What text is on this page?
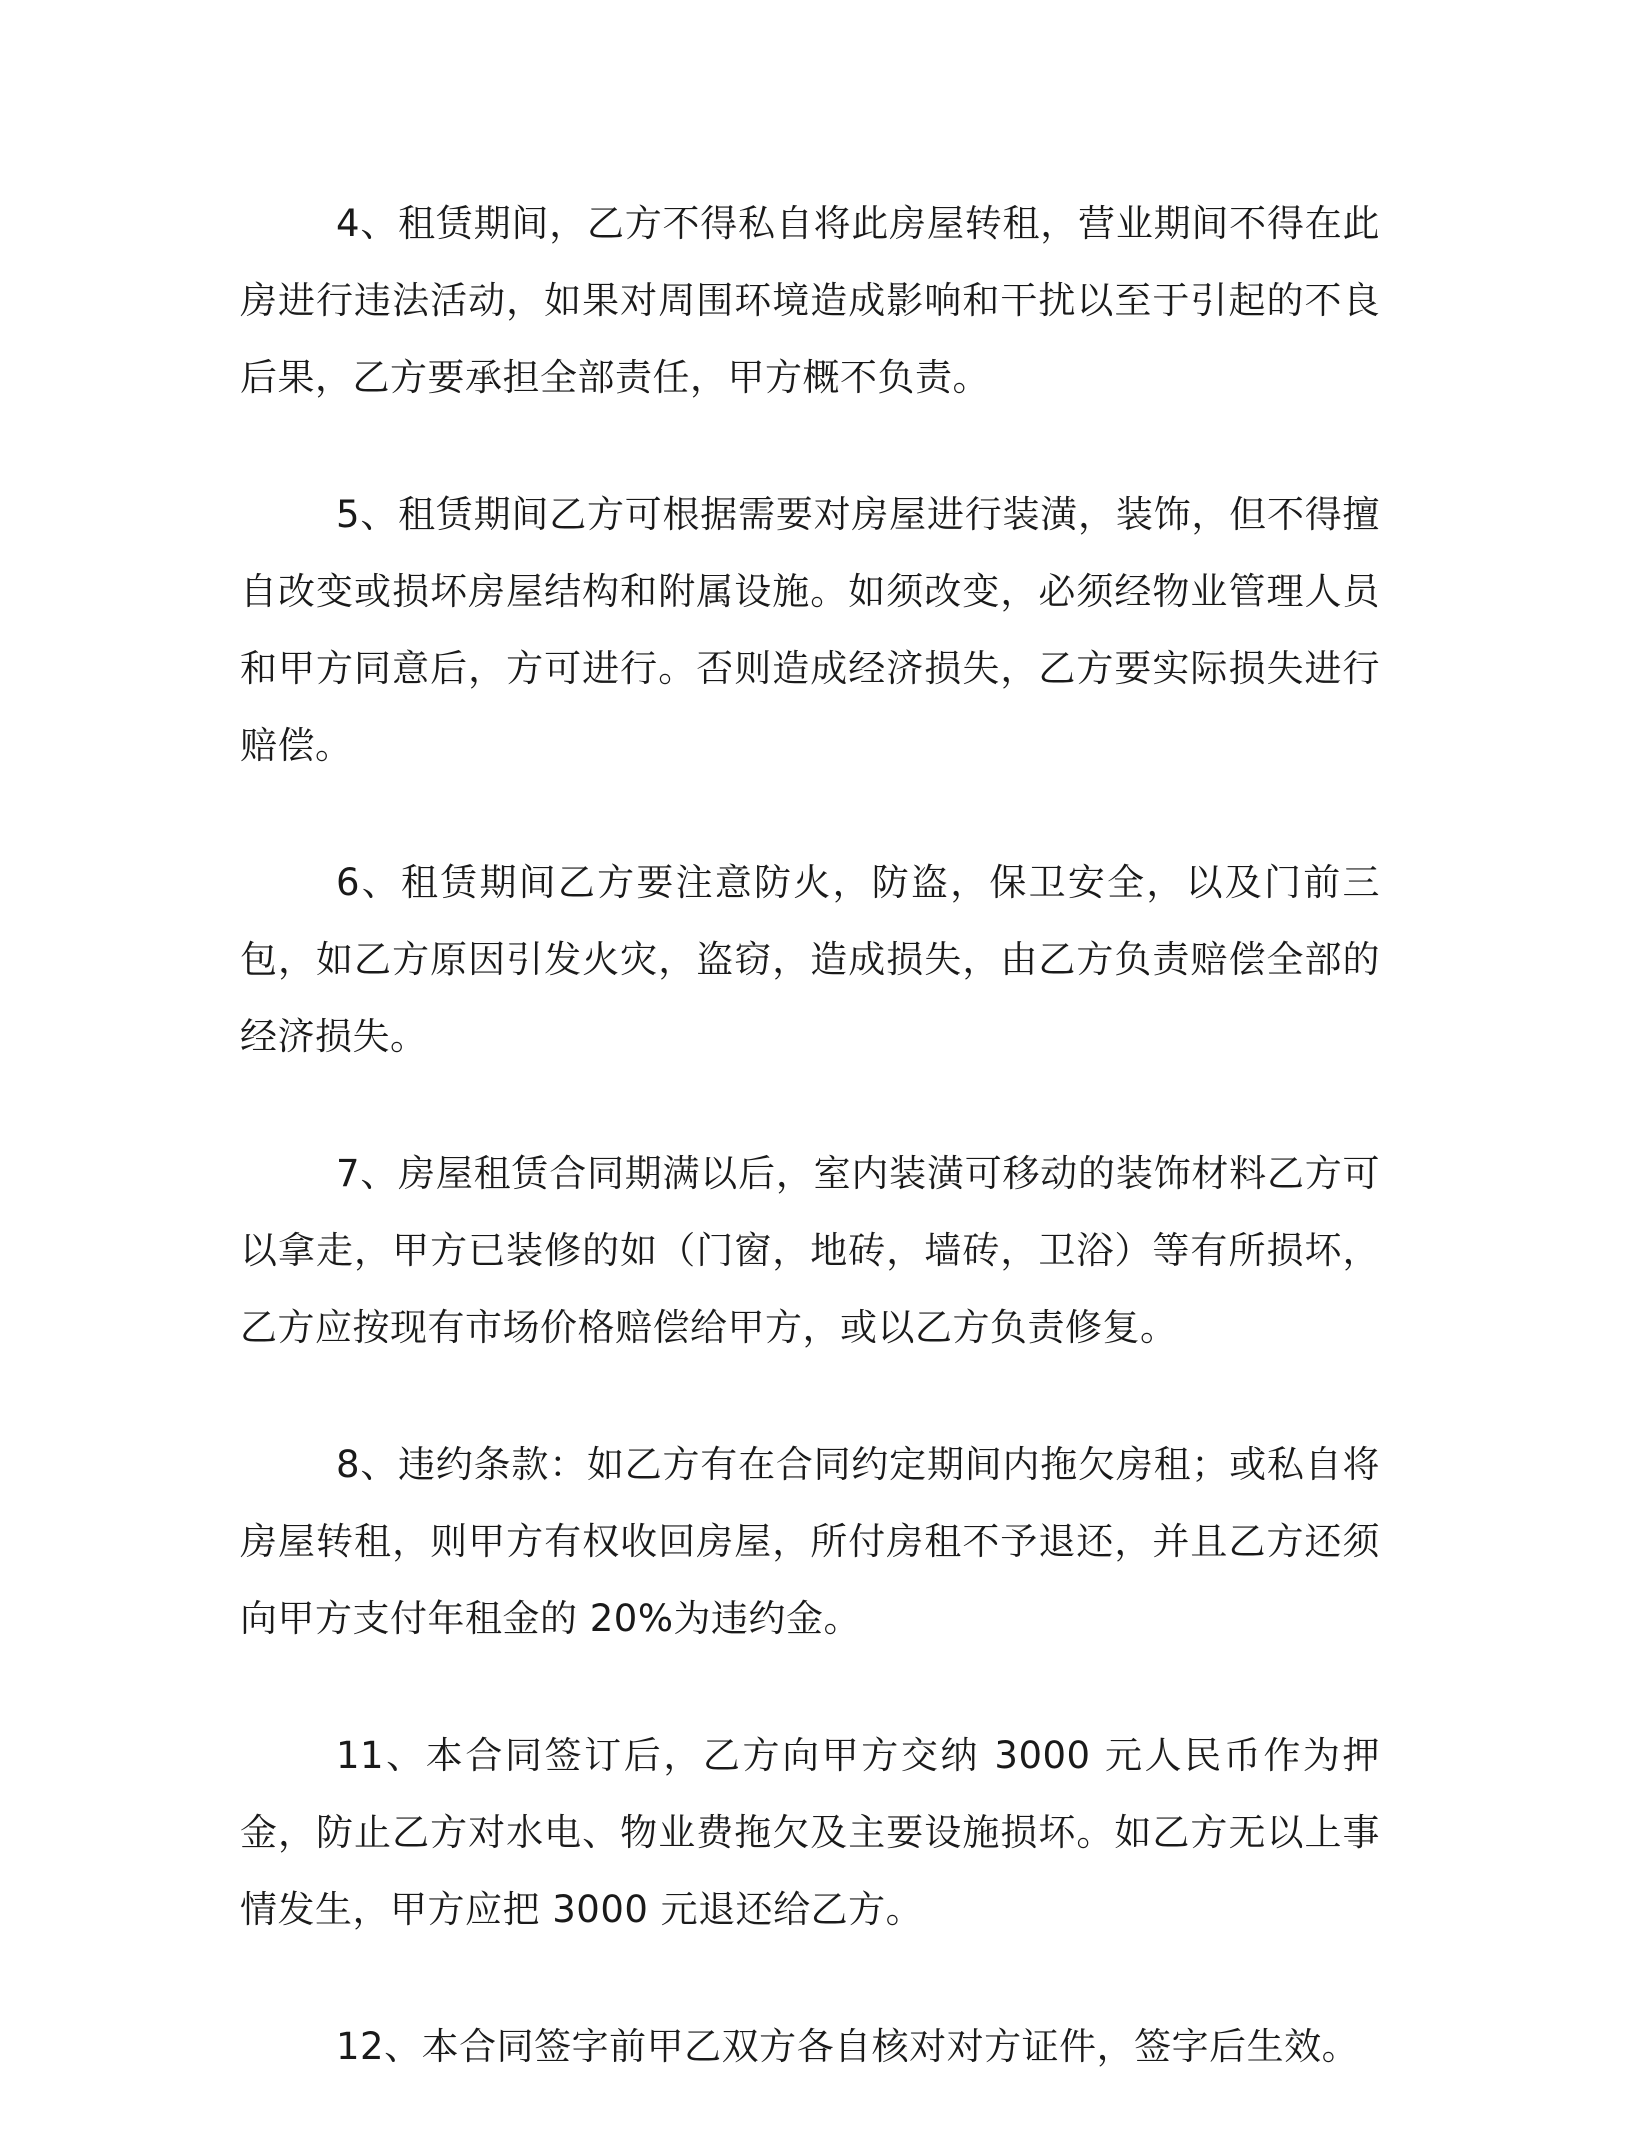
4、租赁期间，乙方不得私自将此房屋转租，营业期间不得在此房进行违法活动，如果对周围环境造成影响和干扰以至于引起的不良后果，乙方要承担全部责任，甲方概不负责。

5、租赁期间乙方可根据需要对房屋进行装潢，装饰，但不得擅自改变或损坏房屋结构和附属设施。如须改变，必须经物业管理人员和甲方同意后，方可进行。否则造成经济损失，乙方要实际损失进行赔偿。

6、租赁期间乙方要注意防火，防盗，保卫安全，以及门前三包，如乙方原因引发火灾，盗窃，造成损失，由乙方负责赔偿全部的经济损失。

7、房屋租赁合同期满以后，室内装潢可移动的装饰材料乙方可以拿走，甲方已装修的如（门窗，地砖，墙砖，卫浴）等有所损坏，乙方应按现有市场价格赔偿给甲方，或以乙方负责修复。

8、违约条款：如乙方有在合同约定期间内拖欠房租；或私自将房屋转租，则甲方有权收回房屋，所付房租不予退还，并且乙方还须向甲方支付年租金的 20%为违约金。

11、本合同签订后，乙方向甲方交纳 3000 元人民币作为押金，防止乙方对水电、物业费拖欠及主要设施损坏。如乙方无以上事情发生，甲方应把 3000 元退还给乙方。

12、本合同签字前甲乙双方各自核对对方证件，签字后生效。
